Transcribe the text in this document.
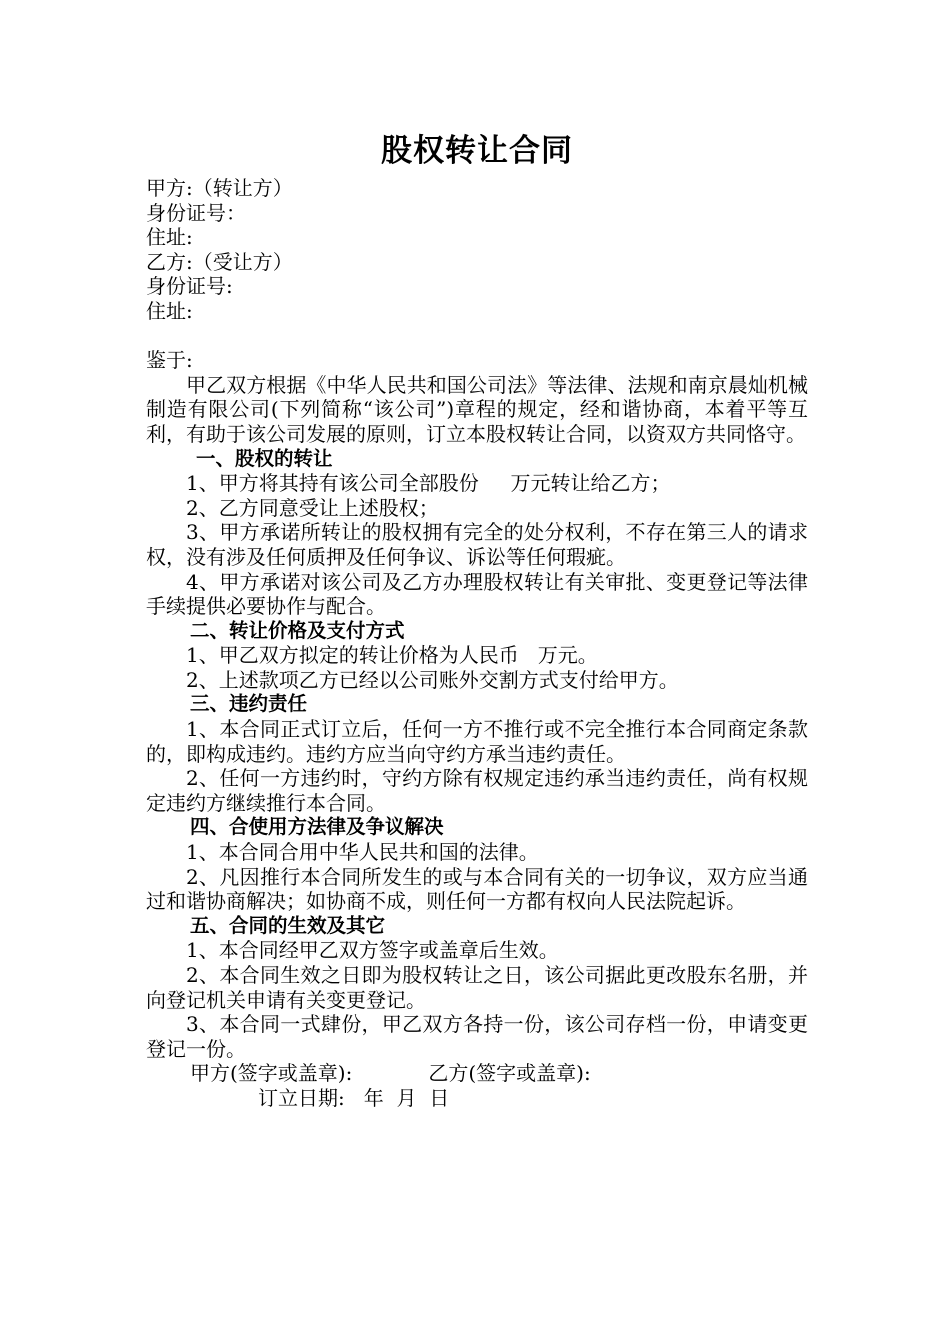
股权转让合同

甲方:（转让方）

身份证号：

住址:

乙方:（受让方）

身份证号:

住址:

鉴于:

甲乙双方根据《中华人民共和国公司法》等法律、法规和南京晨灿机械制造有限公司(下列简称“该公司”)章程的规定，经和谐协商，本着平等互利，有助于该公司发展的原则，订立本股权转让合同，以资双方共同恪守。

一、股权的转让

1、甲方将其持有该公司全部股份     万元转让给乙方；

2、乙方同意受让上述股权；

3、甲方承诺所转让的股权拥有完全的处分权利，不存在第三人的请求权，没有涉及任何质押及任何争议、诉讼等任何瑕疵。

4、甲方承诺对该公司及乙方办理股权转让有关审批、变更登记等法律手续提供必要协作与配合。

二、转让价格及支付方式

1、甲乙双方拟定的转让价格为人民币   万元。

2、上述款项乙方已经以公司账外交割方式支付给甲方。

三、违约责任

1、本合同正式订立后，任何一方不推行或不完全推行本合同商定条款的，即构成违约。违约方应当向守约方承当违约责任。

2、任何一方违约时，守约方除有权规定违约承当违约责任，尚有权规定违约方继续推行本合同。

四、合使用方法律及争议解决

1、本合同合用中华人民共和国的法律。

2、凡因推行本合同所发生的或与本合同有关的一切争议，双方应当通过和谐协商解决；如协商不成，则任何一方都有权向人民法院起诉。

五、合同的生效及其它

1、本合同经甲乙双方签字或盖章后生效。

2、本合同生效之日即为股权转让之日，该公司据此更改股东名册，并向登记机关申请有关变更登记。

3、本合同一式肆份，甲乙双方各持一份，该公司存档一份，申请变更登记一份。

甲方(签字或盖章):	乙方(签字或盖章):

订立日期:   年  月  日
